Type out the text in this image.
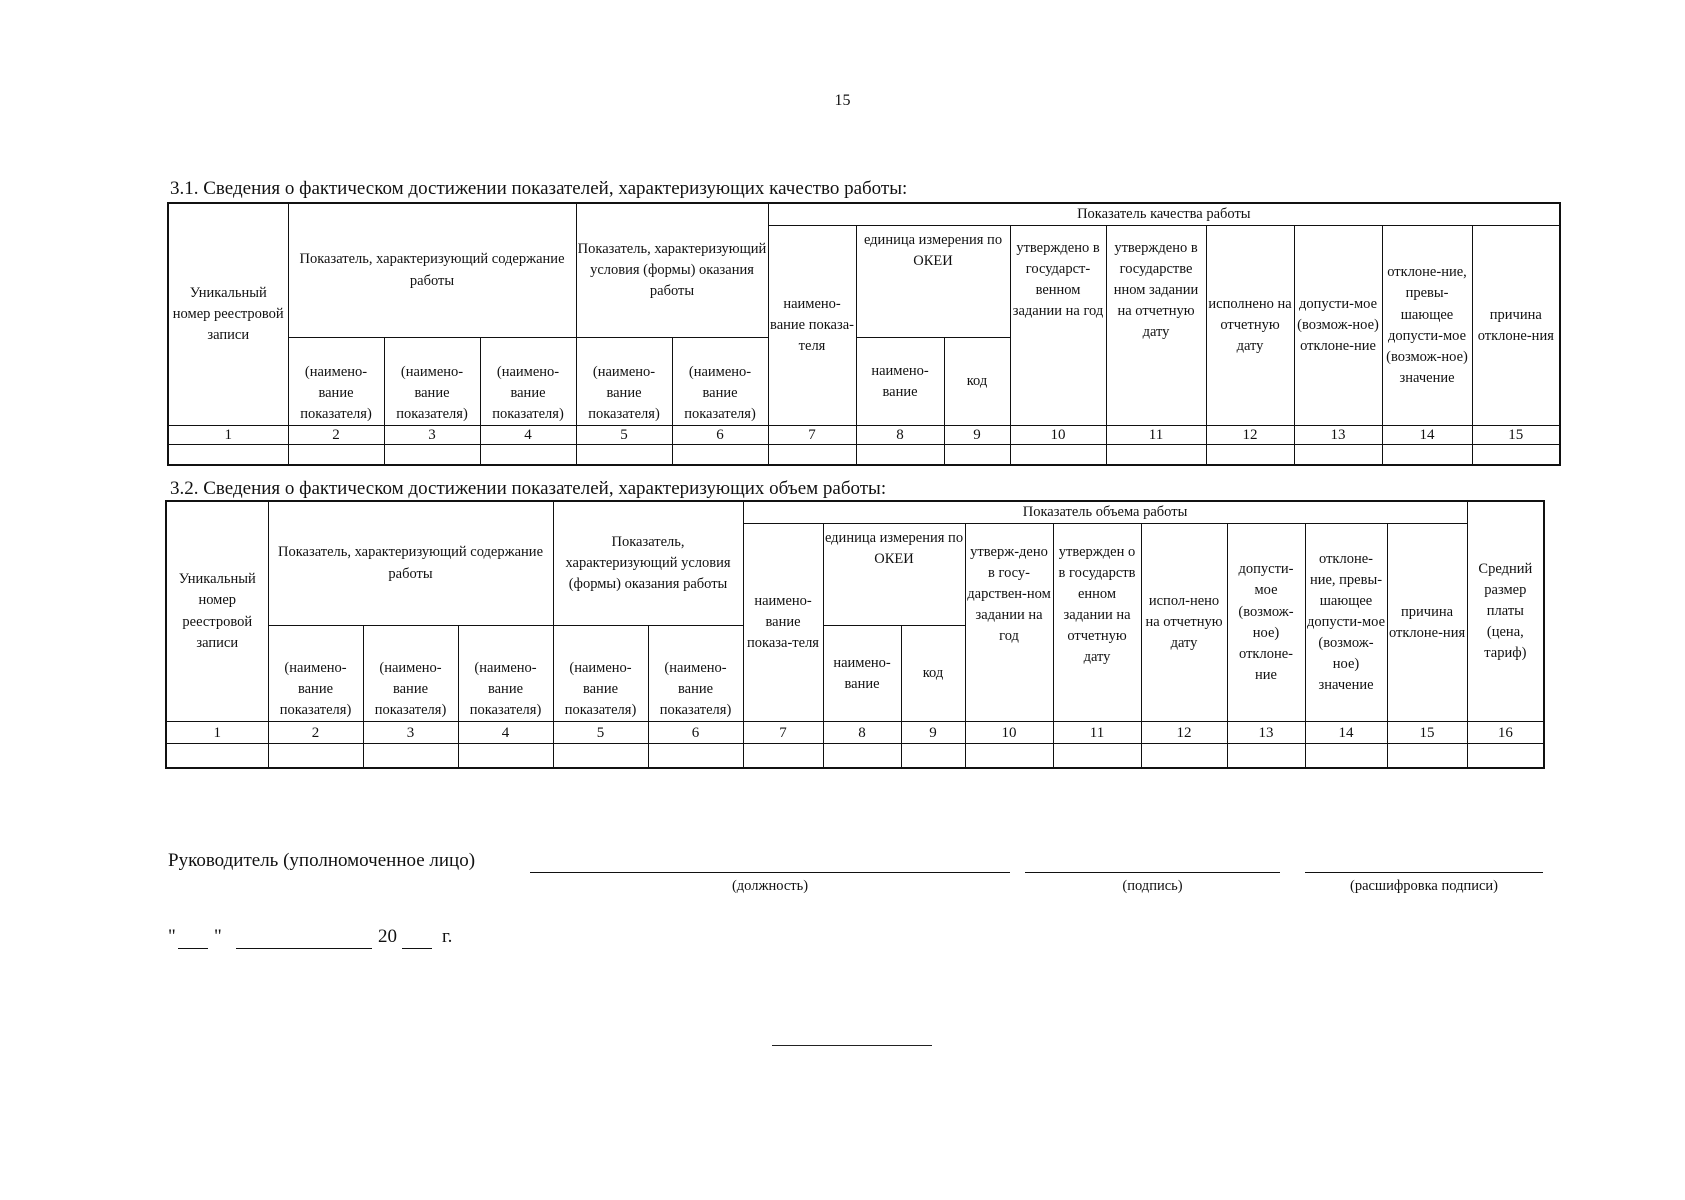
15
3.1. Сведения о фактическом достижении показателей, характеризующих качество работы:
Уникальный номер реестровой записи	Показатель, характеризующий содержание работы			Показатель, характеризующий условия (формы) оказания работы		Показатель качества работы								
						наимено-вание показа-теля	единица измерения по ОКЕИ		утверждено в государст-венном задании на год	утверждено в государстве нном задании на отчетную дату	исполнено на отчетную дату	допусти-мое (возмож-ное) отклоне-ние	отклоне-ние, превы-шающее допусти-мое (возмож-ное) значение	причина отклоне-ния
	(наимено-вание показателя)	(наимено-вание показателя)	(наимено-вание показателя)	(наимено-вание показателя)	(наимено-вание показателя)		наимено-вание	код						
1	2	3	4	5	6	7	8	9	10	11	12	13	14	15

3.2. Сведения о фактическом достижении показателей, характеризующих объем работы:
Уникальный номер реестровой записи	Показатель, характеризующий содержание работы			Показатель, характеризующий условия (формы) оказания работы		Показатель объема работы									Средний размер платы (цена, тариф)
						наимено-вание показа-теля	единица измерения по ОКЕИ		утверж-дено в госу-дарствен-ном задании на год	утвержден о в государств енном задании на отчетную дату	испол-нено на отчетную дату	допусти-мое (возмож-ное) отклоне-ние	отклоне-ние, превы-шающее допусти-мое (возмож-ное) значение	причина отклоне-ния	
	(наимено-вание показателя)	(наимено-вание показателя)	(наимено-вание показателя)	(наимено-вание показателя)	(наимено-вание показателя)		наимено-вание	код							
1	2	3	4	5	6	7	8	9	10	11	12	13	14	15	16

Руководитель (уполномоченное лицо)
(должность)	(подпись)	(расшифровка подписи)
" "	20 г.
